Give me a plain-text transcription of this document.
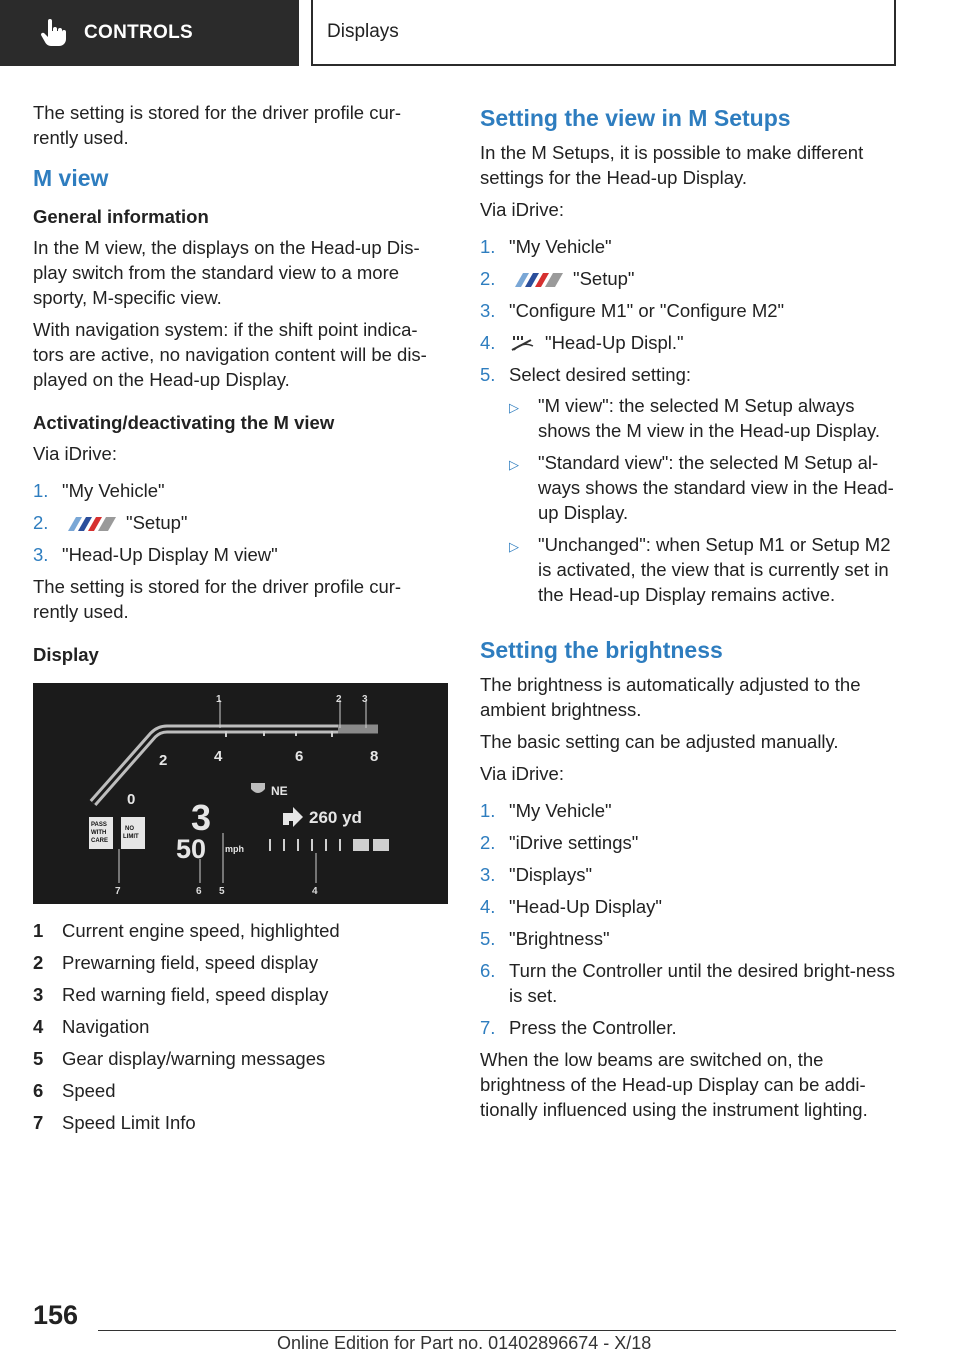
CONTROLS	Displays

The setting is stored for the driver profile cur-rently used.

M view
General information

In the M view, the displays on the Head-up Dis-play switch from the standard view to a more sporty, M-specific view.

With navigation system: if the shift point indica-tors are active, no navigation content will be dis-played on the Head-up Display.

Activating/deactivating the M view

Via iDrive:

1. "My Vehicle"
2.	"Setup"
3. "Head-Up Display M view"

The setting is stored for the driver profile cur-rently used.

Display
2	4	6	8
0
1	2 3
NE
260 yd
3
50 mph
PASS
WITH
CARE
NO
LIMIT
7	6 5	4
1	Current engine speed, highlighted
2	Prewarning field, speed display
3	Red warning field, speed display
4	Navigation
5	Gear display/warning messages
6	Speed
7	Speed Limit Info
Setting the view in M Setups

In the M Setups, it is possible to make different settings for the Head-up Display.

Via iDrive:

1. "My Vehicle"
2.	"Setup"
3. "Configure M1" or "Configure M2"
4.	"Head-Up Displ."
5. Select desired setting:
▷	"M view": the selected M Setup always shows the M view in the Head-up Display.
▷	"Standard view": the selected M Setup al-ways shows the standard view in the Head-up Display.
▷	"Unchanged": when Setup M1 or Setup M2 is activated, the view that is currently set in the Head-up Display remains active.
Setting the brightness

The brightness is automatically adjusted to the ambient brightness.

The basic setting can be adjusted manually.

Via iDrive:

1. "My Vehicle"
2. "iDrive settings"
3. "Displays"
4. "Head-Up Display"
5. "Brightness"
6. Turn the Controller until the desired bright-ness is set.
7. Press the Controller.

When the low beams are switched on, the brightness of the Head-up Display can be addi-tionally influenced using the instrument lighting.

156
Online Edition for Part no. 01402896674 - X/18
